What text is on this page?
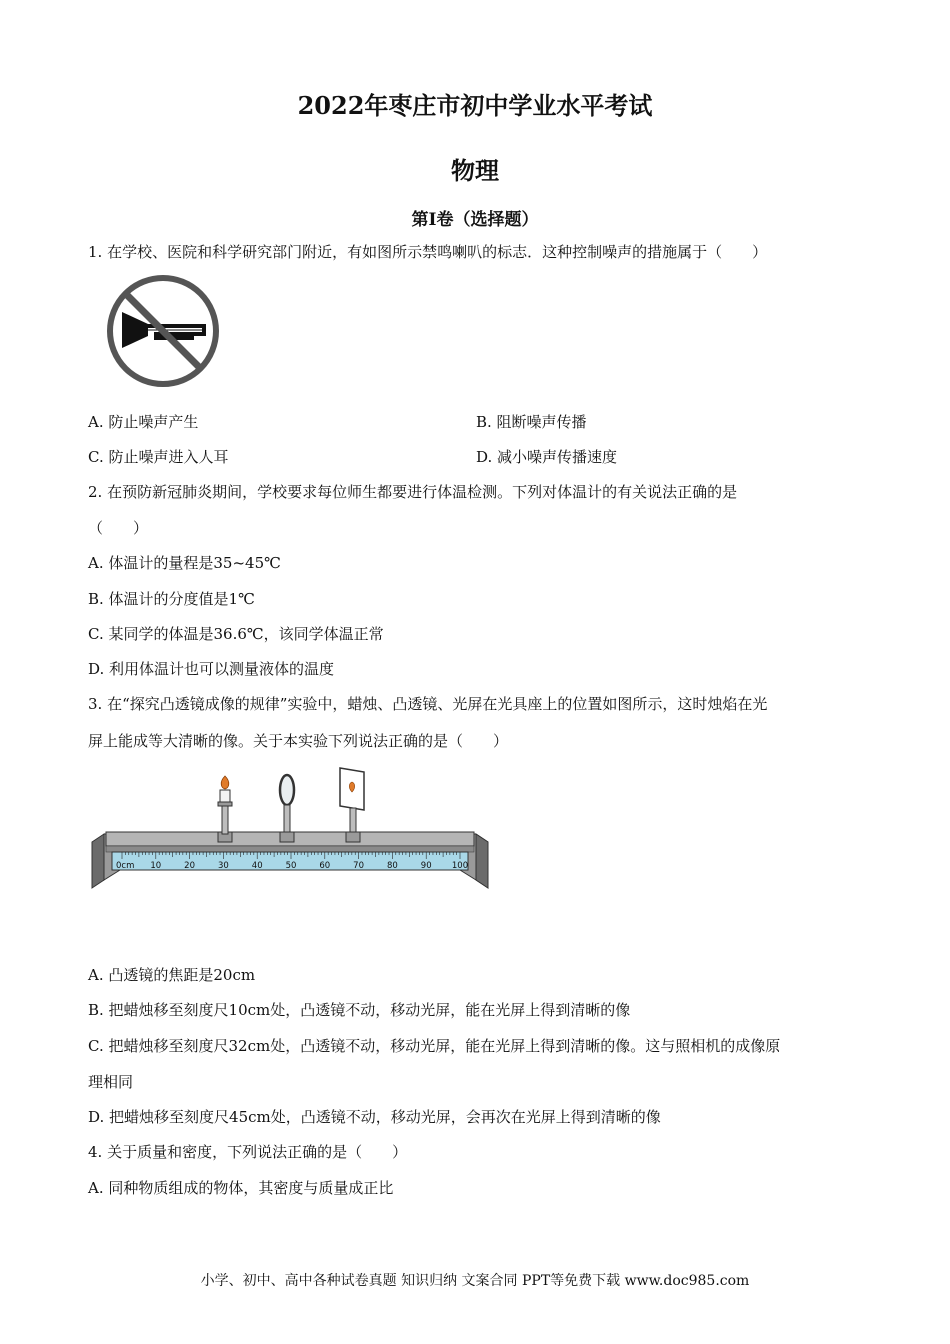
2022年枣庄市初中学业水平考试
物理
第I卷（选择题）
1. 在学校、医院和科学研究部门附近，有如图所示禁鸣喇叭的标志．这种控制噪声的措施属于（　　）
A. 防止噪声产生	B. 阻断噪声传播
C. 防止噪声进入人耳	D. 减小噪声传播速度
2. 在预防新冠肺炎期间，学校要求每位师生都要进行体温检测。下列对体温计的有关说法正确的是
（　　）
A. 体温计的量程是35~45℃
B. 体温计的分度值是1℃
C. 某同学的体温是36.6℃，该同学体温正常
D. 利用体温计也可以测量液体的温度
3. 在“探究凸透镜成像的规律”实验中，蜡烛、凸透镜、光屏在光具座上的位置如图所示，这时烛焰在光
屏上能成等大清晰的像。关于本实验下列说法正确的是（　　）
0cm 10	20	30	40	50	60	70	80	90 100
A. 凸透镜的焦距是20cm
B. 把蜡烛移至刻度尺10cm处，凸透镜不动，移动光屏，能在光屏上得到清晰的像
C. 把蜡烛移至刻度尺32cm处，凸透镜不动，移动光屏，能在光屏上得到清晰的像。这与照相机的成像原
理相同
D. 把蜡烛移至刻度尺45cm处，凸透镜不动，移动光屏，会再次在光屏上得到清晰的像
4. 关于质量和密度，下列说法正确的是（　　）
A. 同种物质组成的物体，其密度与质量成正比
小学、初中、高中各种试卷真题 知识归纳 文案合同 PPT等免费下载 www.doc985.com
